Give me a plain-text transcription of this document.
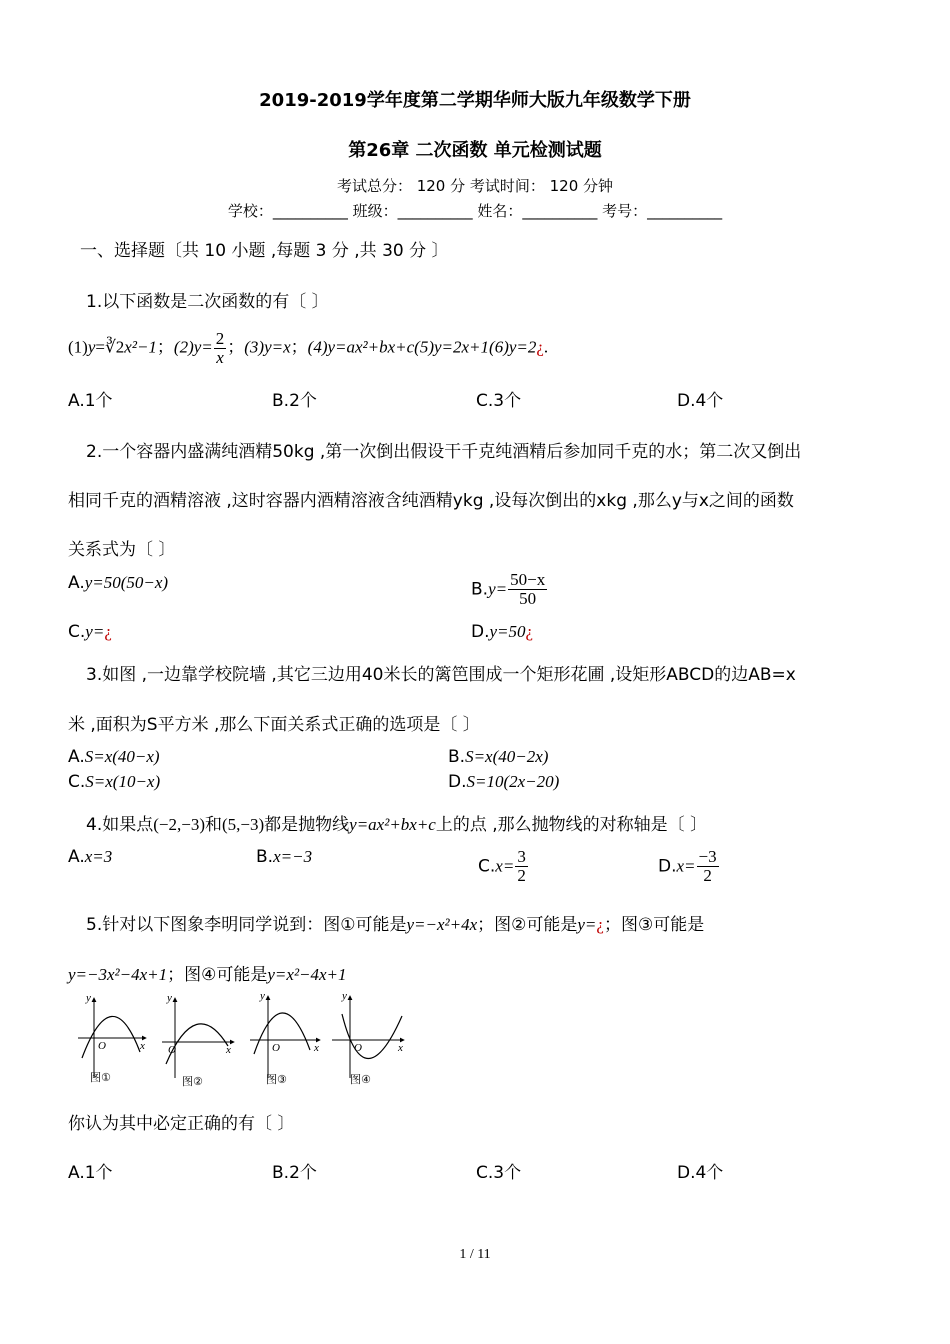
2019-2019学年度第二学期华师大版九年级数学下册
第26章 二次函数 单元检测试题
考试总分： 120 分 考试时间： 120 分钟
学校：__________ 班级：__________ 姓名：__________ 考号：__________
一、选择题〔共 10 小题 ,每题 3 分 ,共 30 分 〕
1.以下函数是二次函数的有〔 〕
(1)y=∛2x²−1；$(2)y= \frac{2}{x}$ ；(3)y=x；(4)y=ax²+bx+c(5)y=2x+1(6)y=2¿.
A.1个	B.2个	C.3个	D.4个
2.一个容器内盛满纯酒精50kg ,第一次倒出假设干千克纯酒精后参加同千克的水；第二次又倒出
相同千克的酒精溶液 ,这时容器内酒精溶液含纯酒精ykg ,设每次倒出的xkg ,那么y与x之间的函数
关系式为〔 〕
A.y=50(50−x)	$B.y= \frac{50-x}{50}$
C.y=¿	D.y=50¿
3.如图 ,一边靠学校院墙 ,其它三边用40米长的篱笆围成一个矩形花圃 ,设矩形ABCD的边AB=x
米 ,面积为S平方米 ,那么下面关系式正确的选项是〔 〕
A.S=x(40−x)	B.S=x(40−2x)
C.S=x(10−x)	D.S=10(2x−20)
4.如果点(−2,−3)和(5,−3)都是抛物线y=ax²+bx+c上的点 ,那么抛物线的对称轴是〔 〕
A.x=3	B.x=−3	$C.x= \frac{3}{2}$	$D.x= \frac{-3}{2}$
5.针对以下图象李明同学说到：图①可能是y=−x²+4x；图②可能是y=¿；图③可能是
y=−3x²−4x+1；图④可能是y=x²−4x+1
y
x
O
y
x
O
y
x
O
y
x
O
图①	图②	图③	图④
你认为其中必定正确的有〔 〕
A.1个	B.2个	C.3个	D.4个
1 / 11
